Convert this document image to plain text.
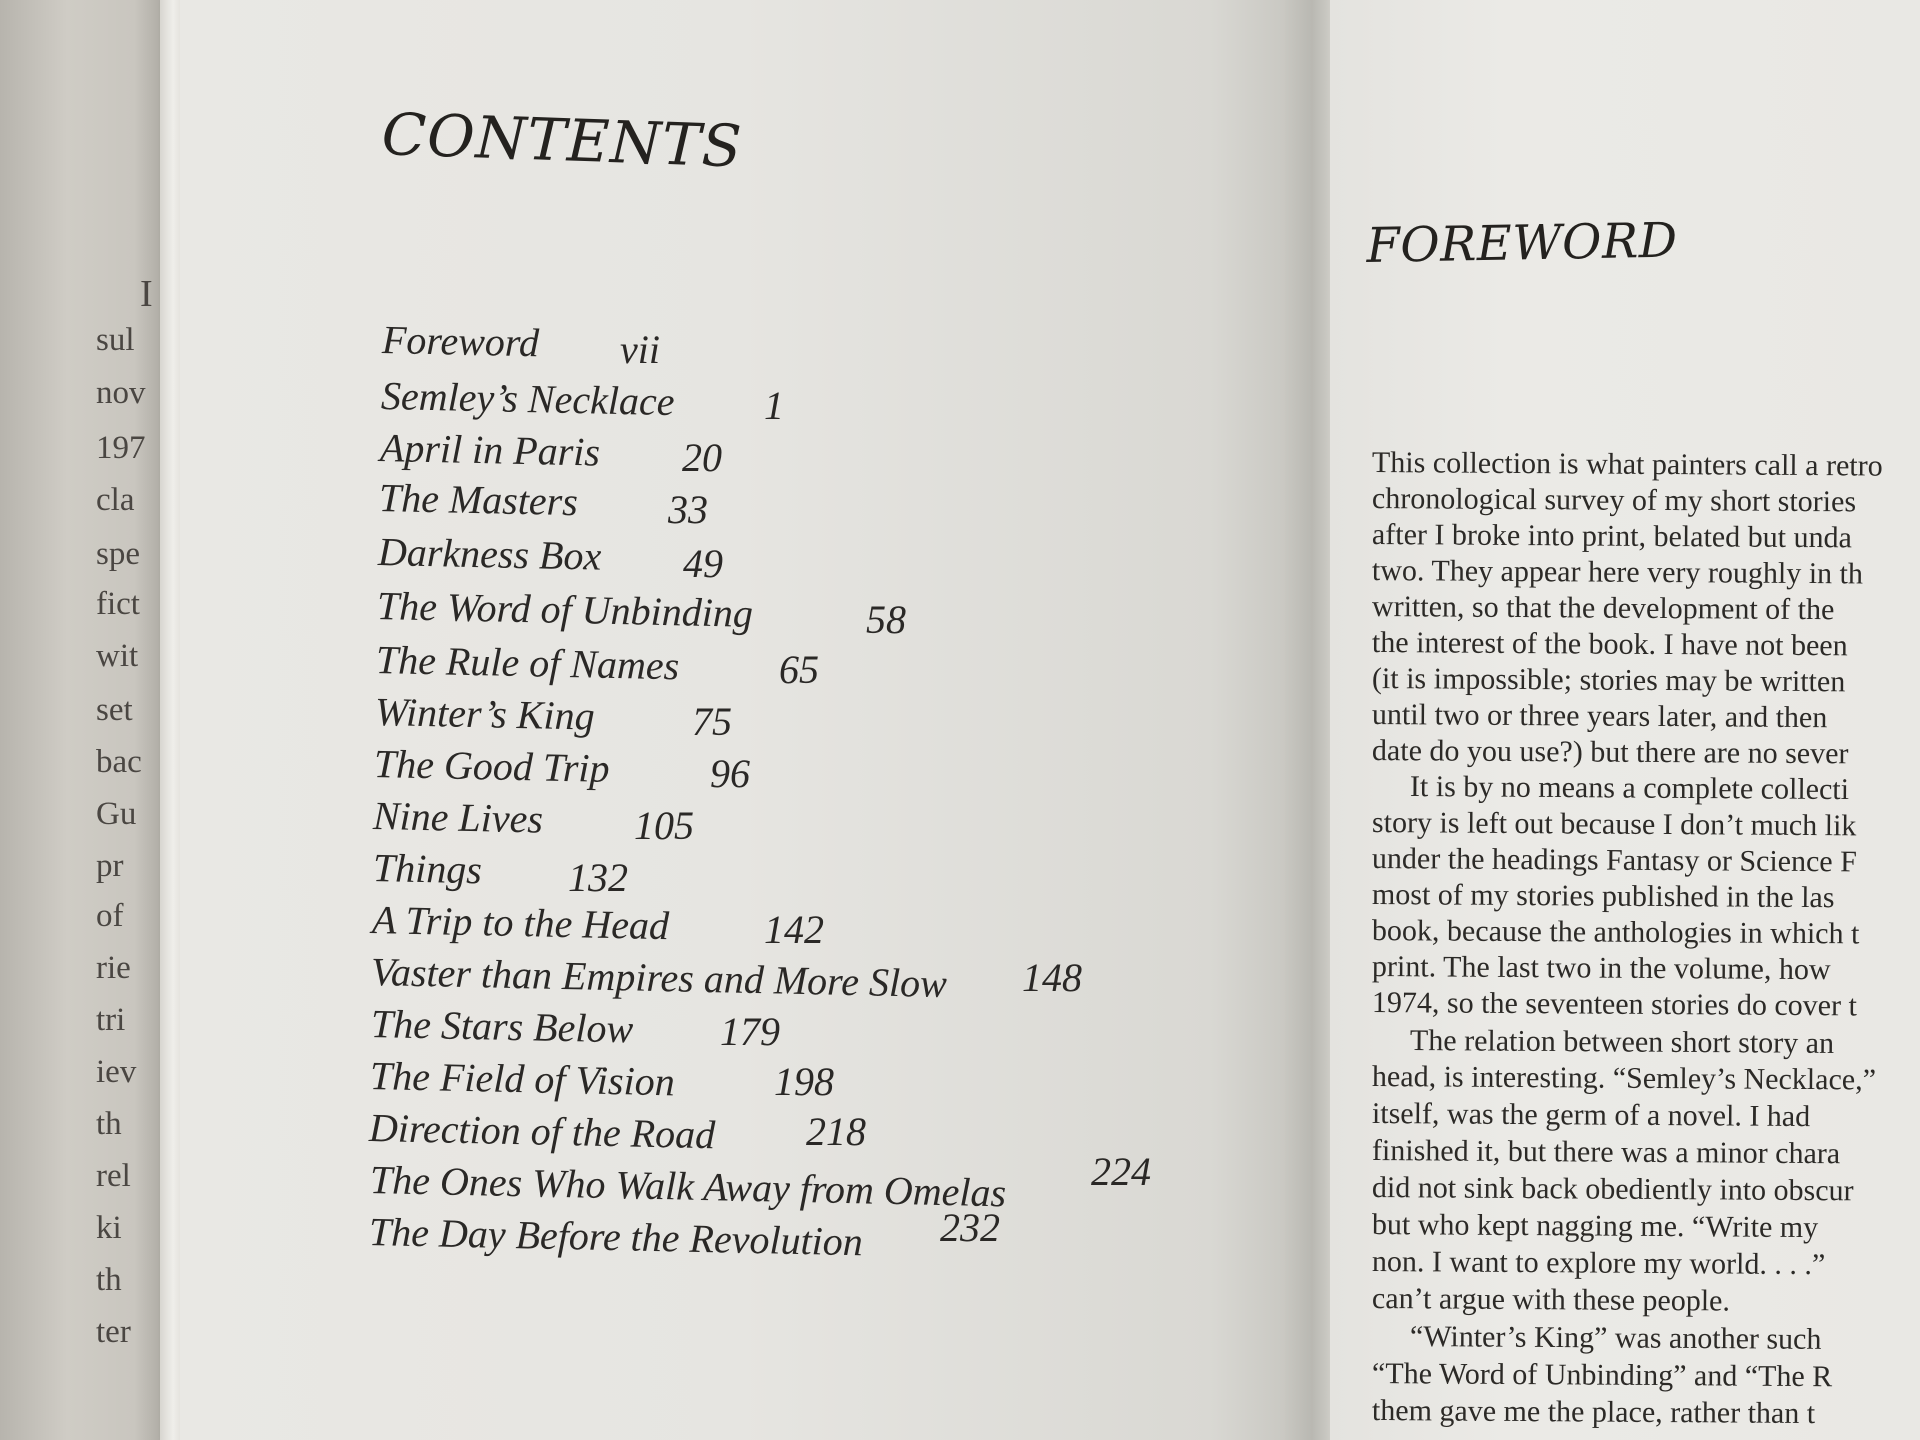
I
sul
nov
197
cla
spe
fict
wit
set
bac
Gu
pr
of
rie
tri
iev
th
rel
ki
th
ter
CONTENTS
Foreword vii
Semley’s Necklace 1
April in Paris 20
The Masters 33
Darkness Box 49
The Word of Unbinding	58
The Rule of Names 65
Winter’s King 75
The Good Trip 96
Nine Lives 105
Things 132
A Trip to the Head 142
Vaster than Empires and More Slow 148
The Stars Below 179
The Field of Vision 198
Direction of the Road 218
The Ones Who Walk Away from Omelas 224
The Day Before the Revolution 232
FOREWORD
This collection is what painters call a retro
chronological survey of my short stories
after I broke into print, belated but unda
two. They appear here very roughly in th
written, so that the development of the
the interest of the book. I have not been
(it is impossible; stories may be written
until two or three years later, and then
date do you use?) but there are no sever
It is by no means a complete collecti
story is left out because I don’t much lik
under the headings Fantasy or Science F
most of my stories published in the las
book, because the anthologies in which t
print. The last two in the volume, how
1974, so the seventeen stories do cover t
The relation between short story an
head, is interesting. “Semley’s Necklace,”
itself, was the germ of a novel. I had
finished it, but there was a minor chara
did not sink back obediently into obscur
but who kept nagging me. “Write my
non. I want to explore my world. . . .”
can’t argue with these people.
“Winter’s King” was another such
“The Word of Unbinding” and “The R
them gave me the place, rather than t
